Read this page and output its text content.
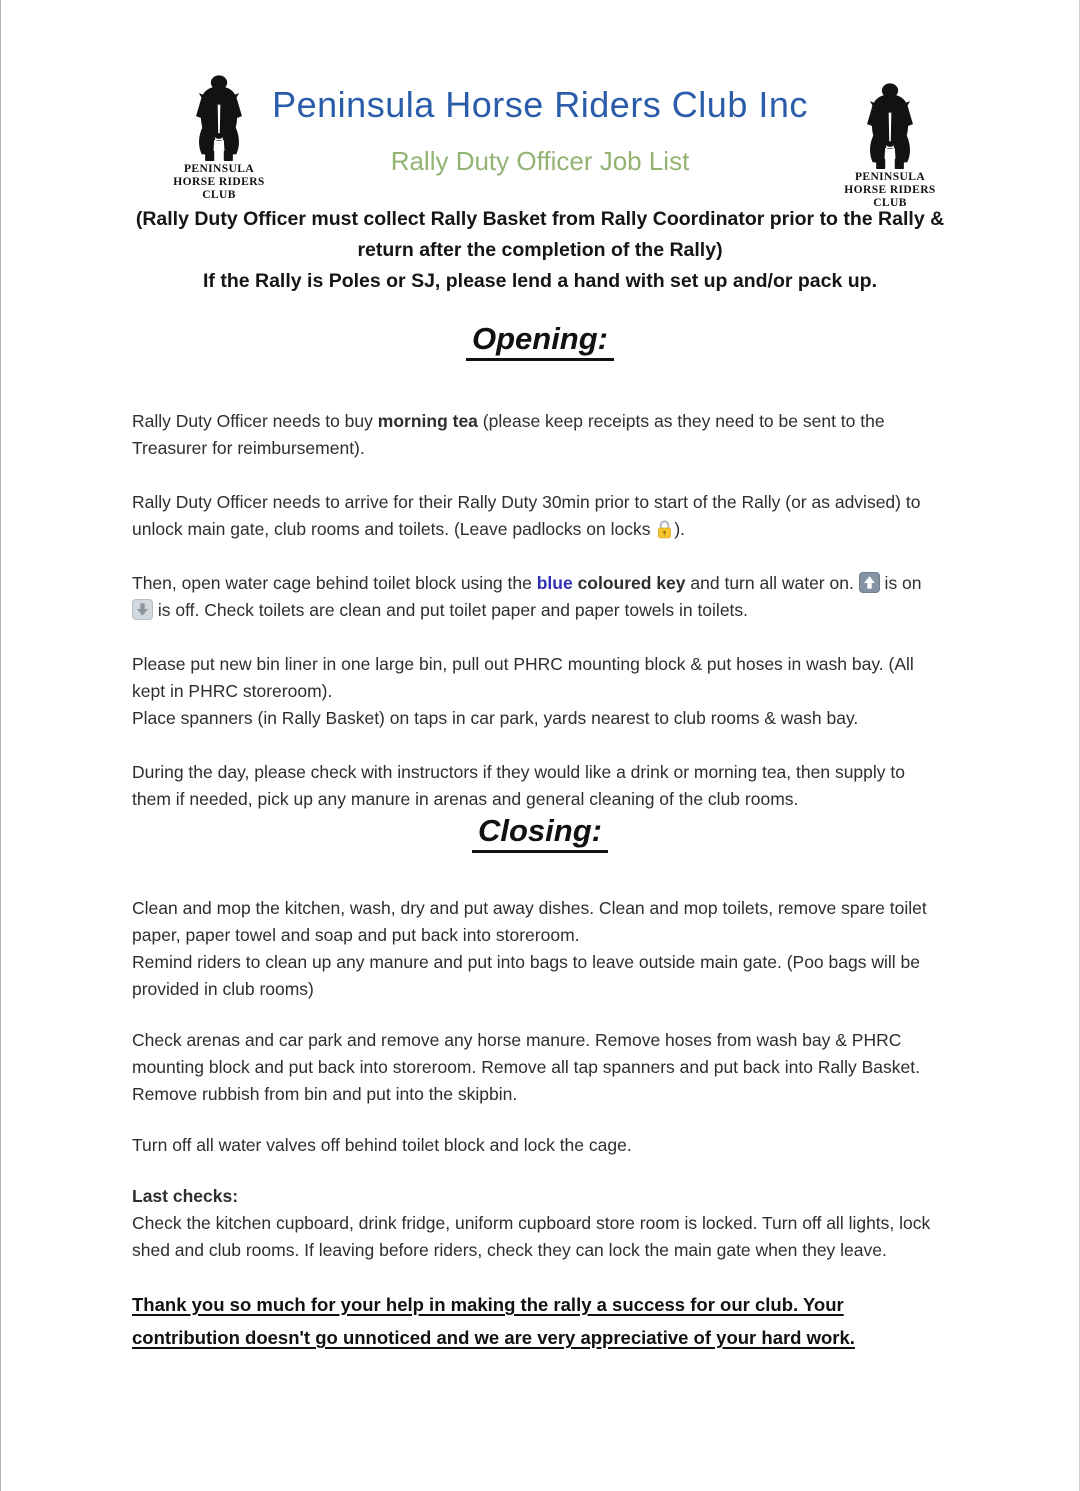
PENINSULA
HORSE RIDERS
CLUB
Peninsula Horse Riders Club Inc
Rally Duty Officer Job List
PENINSULA
HORSE RIDERS
CLUB
(Rally Duty Officer must collect Rally Basket from Rally Coordinator prior to the Rally & return after the completion of the Rally)
If the Rally is Poles or SJ, please lend a hand with set up and/or pack up.
Opening:

Rally Duty Officer needs to buy morning tea (please keep receipts as they need to be sent to the Treasurer for reimbursement).

Rally Duty Officer needs to arrive for their Rally Duty 30min prior to start of the Rally (or as advised) to unlock main gate, club rooms and toilets. (Leave padlocks on locks ).

Then, open water cage behind toilet block using the blue coloured key and turn all water on.  is on  is off. Check toilets are clean and put toilet paper and paper towels in toilets.

Please put new bin liner in one large bin, pull out PHRC mounting block & put hoses in wash bay. (All kept in PHRC storeroom).
Place spanners (in Rally Basket) on taps in car park, yards nearest to club rooms & wash bay.

During the day, please check with instructors if they would like a drink or morning tea, then supply to them if needed, pick up any manure in arenas and general cleaning of the club rooms.

Closing:

Clean and mop the kitchen, wash, dry and put away dishes. Clean and mop toilets, remove spare toilet paper, paper towel and soap and put back into storeroom.
Remind riders to clean up any manure and put into bags to leave outside main gate. (Poo bags will be provided in club rooms)

Check arenas and car park and remove any horse manure. Remove hoses from wash bay & PHRC mounting block and put back into storeroom. Remove all tap spanners and put back into Rally Basket. Remove rubbish from bin and put into the skipbin.

Turn off all water valves off behind toilet block and lock the cage.

Last checks:
Check the kitchen cupboard, drink fridge, uniform cupboard store room is locked. Turn off all lights, lock shed and club rooms. If leaving before riders, check they can lock the main gate when they leave.

Thank you so much for your help in making the rally a success for our club. Your contribution doesn't go unnoticed and we are very appreciative of your hard work.
